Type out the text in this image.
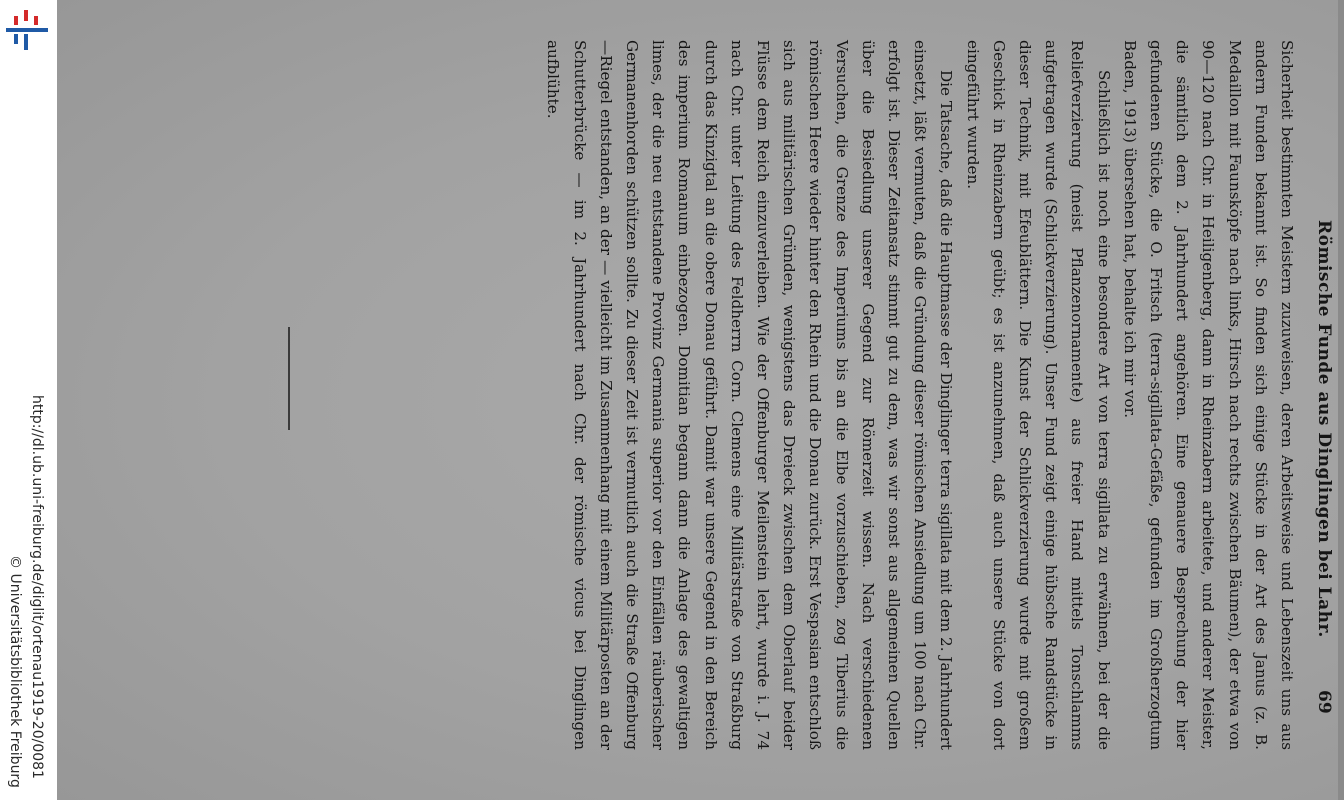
http://dl.ub.uni-freiburg.de/diglit/ortenau1919-20/0081
© Universitätsbibliothek Freiburg
Römische Funde aus Dinglingen bei Lahr.
69

Sicherheit bestimmten Meistern zuzuweisen, deren Arbeitsweise und Lebenszeit uns aus andern Funden bekannt ist. So finden sich einige Stücke in der Art des Janus (z. B. Medaillon mit Faunsköpfe nach links, Hirsch nach rechts zwischen Bäumen), der etwa von 90—120 nach Chr. in Heiligenberg, dann in Rheinzabern arbeitete, und anderer Meister, die sämtlich dem 2. Jahrhundert angehören. Eine genauere Besprechung der hier gefundenen Stücke, die O. Fritsch (terra-sigillata-Gefäße, gefunden im Großherzogtum Baden, 1913) übersehen hat, behalte ich mir vor.

Schließlich ist noch eine besondere Art von terra sigillata zu erwähnen, bei der die Reliefverzierung (meist Pflanzenornamente) aus freier Hand mittels Tonschlamms aufgetragen wurde (Schlickverzierung). Unser Fund zeigt einige hübsche Randstücke in dieser Technik, mit Efeublättern. Die Kunst der Schlickverzierung wurde mit großem Geschick in Rheinzabern geübt; es ist anzunehmen, daß auch unsere Stücke von dort eingeführt wurden.

Die Tatsache, daß die Hauptmasse der Dinglinger terra sigillata mit dem 2. Jahrhundert einsetzt, läßt vermuten, daß die Gründung dieser römischen Ansiedlung um 100 nach Chr. erfolgt ist. Dieser Zeitansatz stimmt gut zu dem, was wir sonst aus allgemeinen Quellen über die Besiedlung unserer Gegend zur Römerzeit wissen. Nach verschiedenen Versuchen, die Grenze des Imperiums bis an die Elbe vorzuschieben, zog Tiberius die römischen Heere wieder hinter den Rhein und die Donau zurück. Erst Vespasian entschloß sich aus militärischen Gründen, wenigstens das Dreieck zwischen dem Oberlauf beider Flüsse dem Reich einzuverleiben. Wie der Offenburger Meilenstein lehrt, wurde i. J. 74 nach Chr. unter Leitung des Feldherrn Corn. Clemens eine Militärstraße von Straßburg durch das Kinzigtal an die obere Donau geführt. Damit war unsere Gegend in den Bereich des imperium Romanum einbezogen. Domitian begann dann die Anlage des gewaltigen limes, der die neu entstandene Provinz Germania superior vor den Einfällen räuberischer Germanenhorden schützen sollte. Zu dieser Zeit ist vermutlich auch die Straße Offenburg—Riegel entstanden, an der — vielleicht im Zusammenhang mit einem Militärposten an der Schutterbrücke — im 2. Jahrhundert nach Chr. der römische vicus bei Dinglingen aufblühte.
